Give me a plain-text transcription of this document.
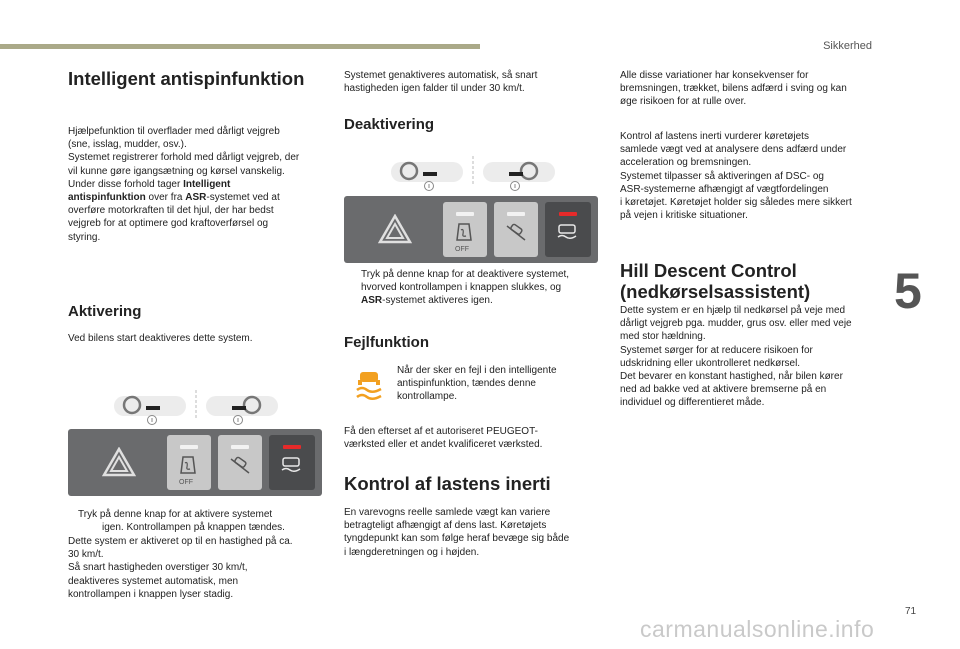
Sikkerhed
5
Intelligent antispinfunktion
Hjælpefunktion til overflader med dårligt vejgreb
(sne, isslag, mudder, osv.).
Systemet registrerer forhold med dårligt vejgreb, der
vil kunne gøre igangsætning og kørsel vanskelig.
Under disse forhold tager Intelligent
antispinfunktion over fra ASR-systemet ved at
overføre motorkraften til det hjul, der har bedst
vejgreb for at optimere god kraftoverførsel og
styring.
Aktivering
Ved bilens start deaktiveres dette system.
OFF
Tryk på denne knap for at aktivere systemet
igen. Kontrollampen på knappen tændes.
Dette system er aktiveret op til en hastighed på ca.
30 km/t.
Så snart hastigheden overstiger 30 km/t,
deaktiveres systemet automatisk, men
kontrollampen i knappen lyser stadig.
Systemet genaktiveres automatisk, så snart
hastigheden igen falder til under 30 km/t.
Deaktivering
OFF
Tryk på denne knap for at deaktivere systemet,
hvorved kontrollampen i knappen slukkes, og
ASR-systemet aktiveres igen.
Fejlfunktion
Når der sker en fejl i den intelligente
antispinfunktion, tændes denne
kontrollampe.
Få den efterset af et autoriseret PEUGEOT-
værksted eller et andet kvalificeret værksted.
Kontrol af lastens inerti
En varevogns reelle samlede vægt kan variere
betragteligt afhængigt af dens last. Køretøjets
tyngdepunkt kan som følge heraf bevæge sig både
i længderetningen og i højden.
Alle disse variationer har konsekvenser for
bremsningen, trækket, bilens adfærd i sving og kan
øge risikoen for at rulle over.
Kontrol af lastens inerti vurderer køretøjets
samlede vægt ved at analysere dens adfærd under
acceleration og bremsningen.
Systemet tilpasser så aktiveringen af DSC- og
ASR-systemerne afhængigt af vægtfordelingen
i køretøjet. Køretøjet holder sig således mere sikkert
på vejen i kritiske situationer.
Hill Descent Control
(nedkørselsassistent)
Dette system er en hjælp til nedkørsel på veje med
dårligt vejgreb pga. mudder, grus osv. eller med veje
med stor hældning.
Systemet sørger for at reducere risikoen for
udskridning eller ukontrolleret nedkørsel.
Det bevarer en konstant hastighed, når bilen kører
ned ad bakke ved at aktivere bremserne på en
individuel og differentieret måde.
71
carmanualsonline.info
